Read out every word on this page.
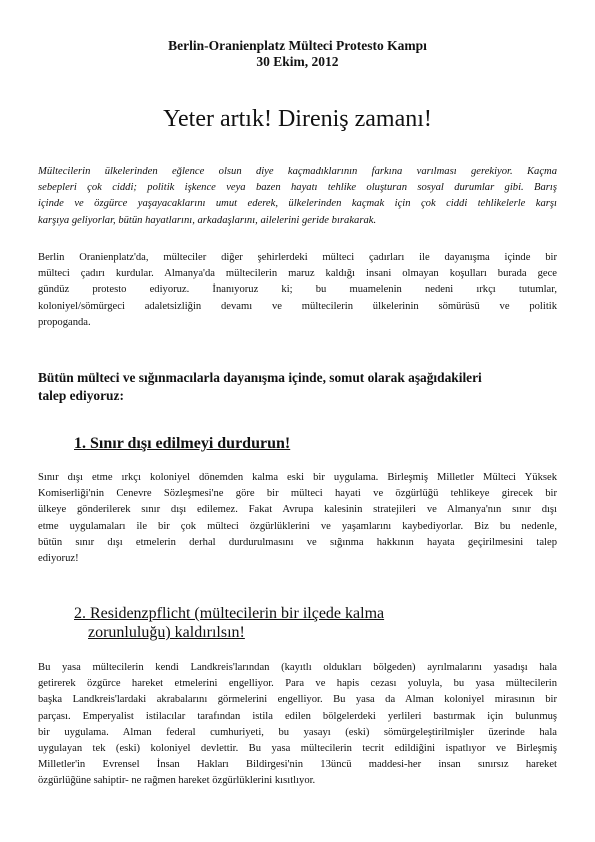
Berlin-Oranienplatz Mülteci Protesto Kampı
30 Ekim, 2012
Yeter artık! Direniş zamanı!
Mültecilerin ülkelerinden eğlence olsun diye kaçmadıklarının farkına varılması gerekiyor. Kaçma
sebepleri çok ciddi; politik işkence veya bazen hayatı tehlike oluşturan sosyal durumlar gibi. Barış
içinde ve özgürce yaşayacaklarını umut ederek, ülkelerinden kaçmak için çok ciddi tehlikelerle karşı
karşıya geliyorlar, bütün hayatlarını, arkadaşlarını, ailelerini geride bırakarak.
Berlin Oranienplatz'da, mülteciler diğer şehirlerdeki mülteci çadırları ile dayanışma içinde bir
mülteci çadırı kurdular. Almanya'da mültecilerin maruz kaldığı insani olmayan koşulları burada gece
gündüz protesto ediyoruz. İnanıyoruz ki; bu muamelenin nedeni ırkçı tutumlar,
koloniyel/sömürgeci adaletsizliğin devamı ve mültecilerin ülkelerinin sömürüsü ve politik
propoganda.
Bütün mülteci ve sığınmacılarla dayanışma içinde, somut olarak aşağıdakileri
talep ediyoruz:
1. Sınır dışı edilmeyi durdurun!
Sınır dışı etme ırkçı koloniyel dönemden kalma eski bir uygulama. Birleşmiş Milletler Mülteci Yüksek
Komiserliği'nin Cenevre Sözleşmesi'ne göre bir mülteci hayati ve özgürlüğü tehlikeye girecek bir
ülkeye gönderilerek sınır dışı edilemez. Fakat Avrupa kalesinin stratejileri ve Almanya'nın sınır dışı
etme uygulamaları ile bir çok mülteci özgürlüklerini ve yaşamlarını kaybediyorlar. Biz bu nedenle,
bütün sınır dışı etmelerin derhal durdurulmasını ve sığınma hakkının hayata geçirilmesini talep
ediyoruz!
2. Residenzpflicht (mültecilerin bir ilçede kalma
zorunluluğu) kaldırılsın!
Bu yasa mültecilerin kendi Landkreis'larından (kayıtlı oldukları bölgeden) ayrılmalarını yasadışı hala
getirerek özgürce hareket etmelerini engelliyor. Para ve hapis cezası yoluyla, bu yasa mültecilerin
başka Landkreis'lardaki akrabalarını görmelerini engelliyor. Bu yasa da Alman koloniyel mirasının bir
parçası. Emperyalist istilacılar tarafından istila edilen bölgelerdeki yerlileri bastırmak için bulunmuş
bir uygulama. Alman federal cumhuriyeti, bu yasayı (eski) sömürgeleştirilmişler üzerinde hala
uygulayan tek (eski) koloniyel devlettir. Bu yasa mültecilerin tecrit edildiğini ispatlıyor ve Birleşmiş
Milletler'in Evrensel İnsan Hakları Bildirgesi'nin 13üncü maddesi-her insan sınırsız hareket
özgürlüğüne sahiptir- ne rağmen hareket özgürlüklerini kısıtlıyor.
